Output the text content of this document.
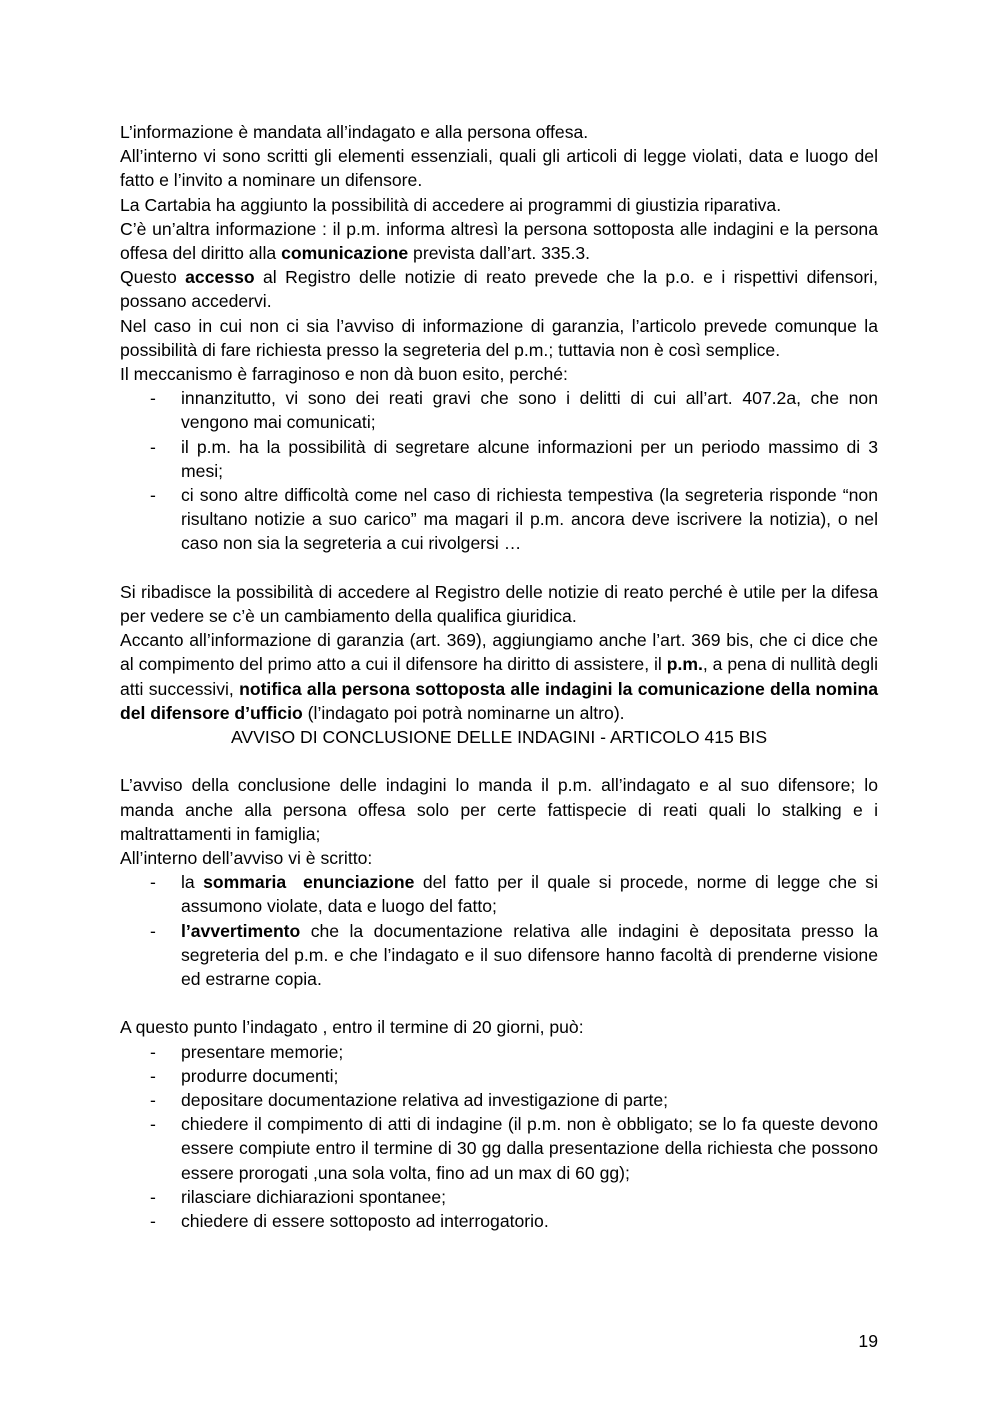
L’informazione è mandata all’indagato e alla persona offesa.

All’interno vi sono scritti gli elementi essenziali, quali gli articoli di legge violati, data e luogo del fatto e l’invito a nominare un difensore.

La Cartabia ha aggiunto la possibilità di accedere ai programmi di giustizia riparativa.

C’è un’altra informazione : il p.m. informa altresì la persona sottoposta alle indagini e la persona offesa del diritto alla comunicazione prevista dall’art. 335.3.

Questo accesso al Registro delle notizie di reato prevede che la p.o. e i rispettivi difensori, possano accedervi.

Nel caso in cui non ci sia l’avviso di informazione di garanzia, l’articolo prevede comunque la possibilità di fare richiesta presso la segreteria del p.m.; tuttavia non è così semplice.

Il meccanismo è farraginoso e non dà buon esito, perché:

- innanzitutto, vi sono dei reati gravi che sono i delitti di cui all’art. 407.2a, che non vengono mai comunicati;
- il p.m. ha la possibilità di segretare alcune informazioni per un periodo massimo di 3 mesi;
- ci sono altre difficoltà come nel caso di richiesta tempestiva (la segreteria risponde “non risultano notizie a suo carico” ma magari il p.m. ancora deve iscrivere la notizia), o nel caso non sia la segreteria a cui rivolgersi …

Si ribadisce la possibilità di accedere al Registro delle notizie di reato perché è utile per la difesa per vedere se c’è un cambiamento della qualifica giuridica.

Accanto all’informazione di garanzia (art. 369), aggiungiamo anche l’art. 369 bis, che ci dice che al compimento del primo atto a cui il difensore ha diritto di assistere, il p.m., a pena di nullità degli atti successivi, notifica alla persona sottoposta alle indagini la comunicazione della nomina del difensore d’ufficio (l’indagato poi potrà nominarne un altro).

AVVISO DI CONCLUSIONE DELLE INDAGINI - ARTICOLO 415 BIS

L’avviso della conclusione delle indagini lo manda il p.m. all’indagato e al suo difensore; lo manda anche alla persona offesa solo per certe fattispecie di reati quali lo stalking e i maltrattamenti in famiglia;

All’interno dell’avviso vi è scritto:

- la sommaria  enunciazione del fatto per il quale si procede, norme di legge che si assumono violate, data e luogo del fatto;
- l’avvertimento che la documentazione relativa alle indagini è depositata presso la segreteria del p.m. e che l’indagato e il suo difensore hanno facoltà di prenderne visione ed estrarne copia.

A questo punto l’indagato , entro il termine di 20 giorni, può:

- presentare memorie;
- produrre documenti;
- depositare documentazione relativa ad investigazione di parte;
- chiedere il compimento di atti di indagine (il p.m. non è obbligato; se lo fa queste devono essere compiute entro il termine di 30 gg dalla presentazione della richiesta che possono essere prorogati ,una sola volta, fino ad un max di 60 gg);
- rilasciare dichiarazioni spontanee;
- chiedere di essere sottoposto ad interrogatorio.
19
